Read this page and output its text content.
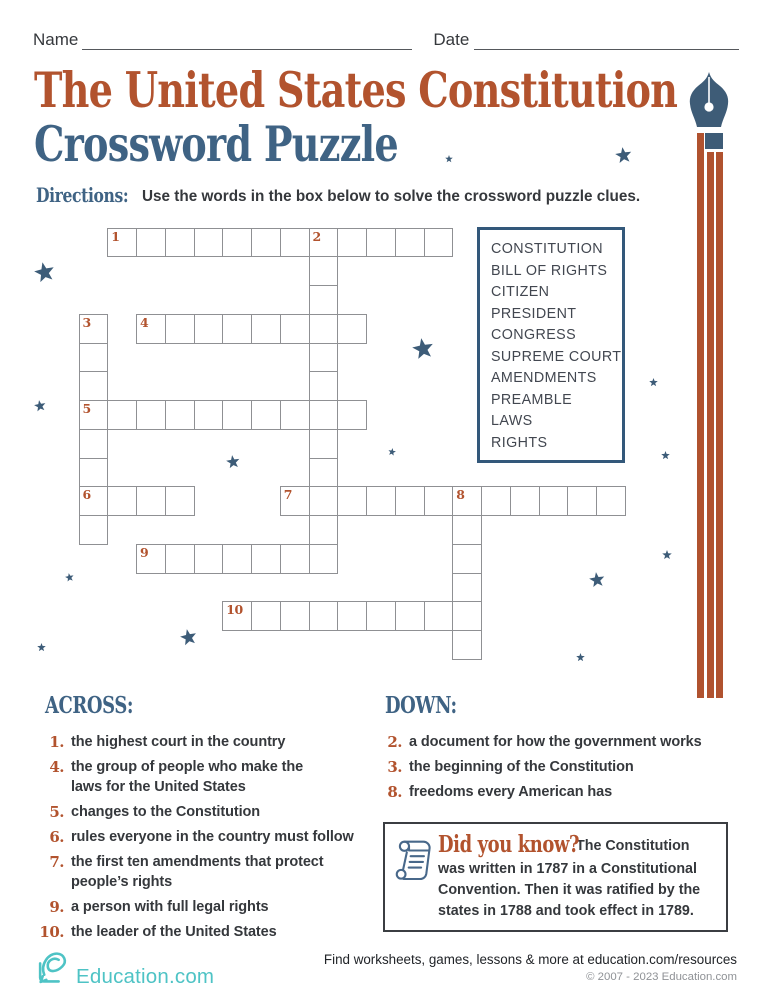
Name	Date
The United States Constitution
Crossword Puzzle
Directions: Use the words in the box below to solve the crossword puzzle clues.
1	2
3	4
5
6	7	8
9
10
CONSTITUTION
BILL OF RIGHTS
CITIZEN
PRESIDENT
CONGRESS
SUPREME COURT
AMENDMENTS
PREAMBLE
LAWS
RIGHTS
ACROSS:
1. the highest court in the country
4. the group of people who make the
laws for the United States
5. changes to the Constitution
6. rules everyone in the country must follow
7. the first ten amendments that protect
people’s rights
9. a person with full legal rights
10. the leader of the United States
DOWN:
2. a document for how the government works
3. the beginning of the Constitution
8. freedoms every American has

Did you know? The Constitution
was written in 1787 in a Constitutional
Convention. Then it was ratified by the
states in 1788 and took effect in 1789.

Education.com
Find worksheets, games, lessons & more at education.com/resources
© 2007 - 2023 Education.com
